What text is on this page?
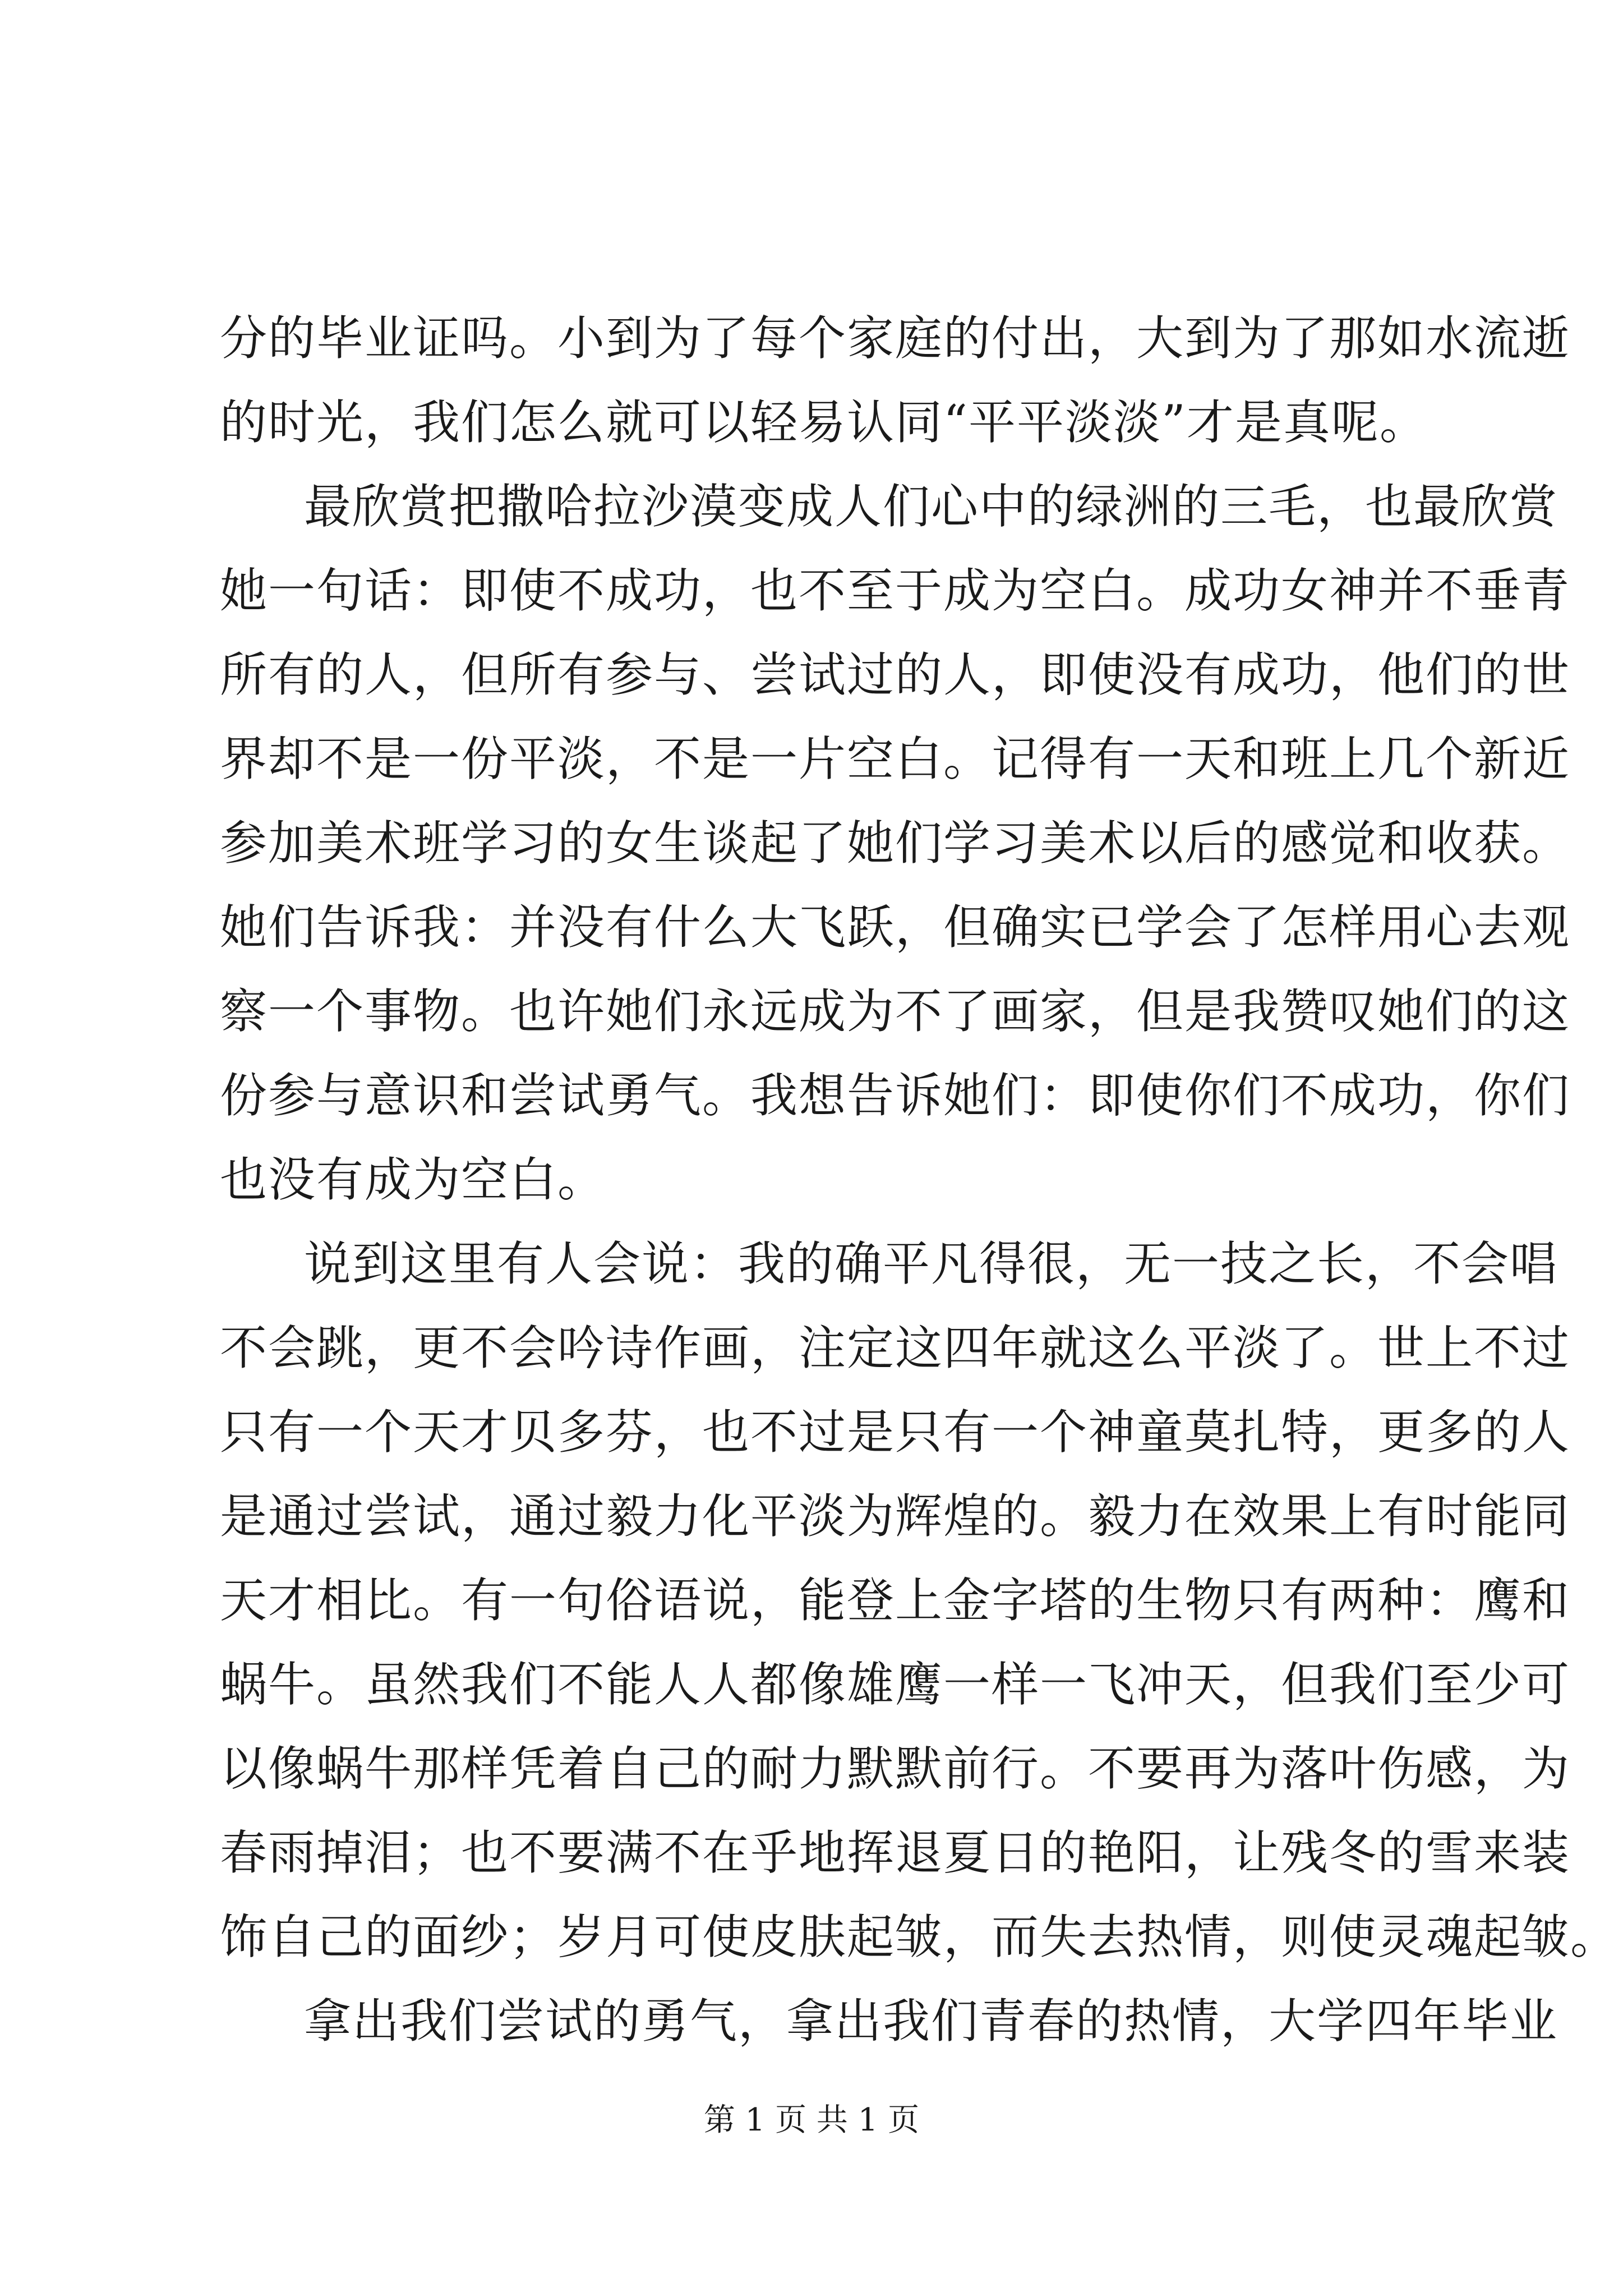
分的毕业证吗。小到为了每个家庭的付出，大到为了那如水流逝
的时光，我们怎么就可以轻易认同“平平淡淡”才是真呢。
最欣赏把撒哈拉沙漠变成人们心中的绿洲的三毛，也最欣赏
她一句话：即使不成功，也不至于成为空白。成功女神并不垂青
所有的人，但所有参与、尝试过的人，即使没有成功，他们的世
界却不是一份平淡，不是一片空白。记得有一天和班上几个新近
参加美术班学习的女生谈起了她们学习美术以后的感觉和收获。
她们告诉我：并没有什么大飞跃，但确实已学会了怎样用心去观
察一个事物。也许她们永远成为不了画家，但是我赞叹她们的这
份参与意识和尝试勇气。我想告诉她们：即使你们不成功，你们
也没有成为空白。
说到这里有人会说：我的确平凡得很，无一技之长，不会唱
不会跳，更不会吟诗作画，注定这四年就这么平淡了。世上不过
只有一个天才贝多芬，也不过是只有一个神童莫扎特，更多的人
是通过尝试，通过毅力化平淡为辉煌的。毅力在效果上有时能同
天才相比。有一句俗语说，能登上金字塔的生物只有两种：鹰和
蜗牛。虽然我们不能人人都像雄鹰一样一飞冲天，但我们至少可
以像蜗牛那样凭着自己的耐力默默前行。不要再为落叶伤感，为
春雨掉泪；也不要满不在乎地挥退夏日的艳阳，让残冬的雪来装
饰自己的面纱；岁月可使皮肤起皱，而失去热情，则使灵魂起皱。
拿出我们尝试的勇气，拿出我们青春的热情，大学四年毕业
第 1 页 共 1 页
